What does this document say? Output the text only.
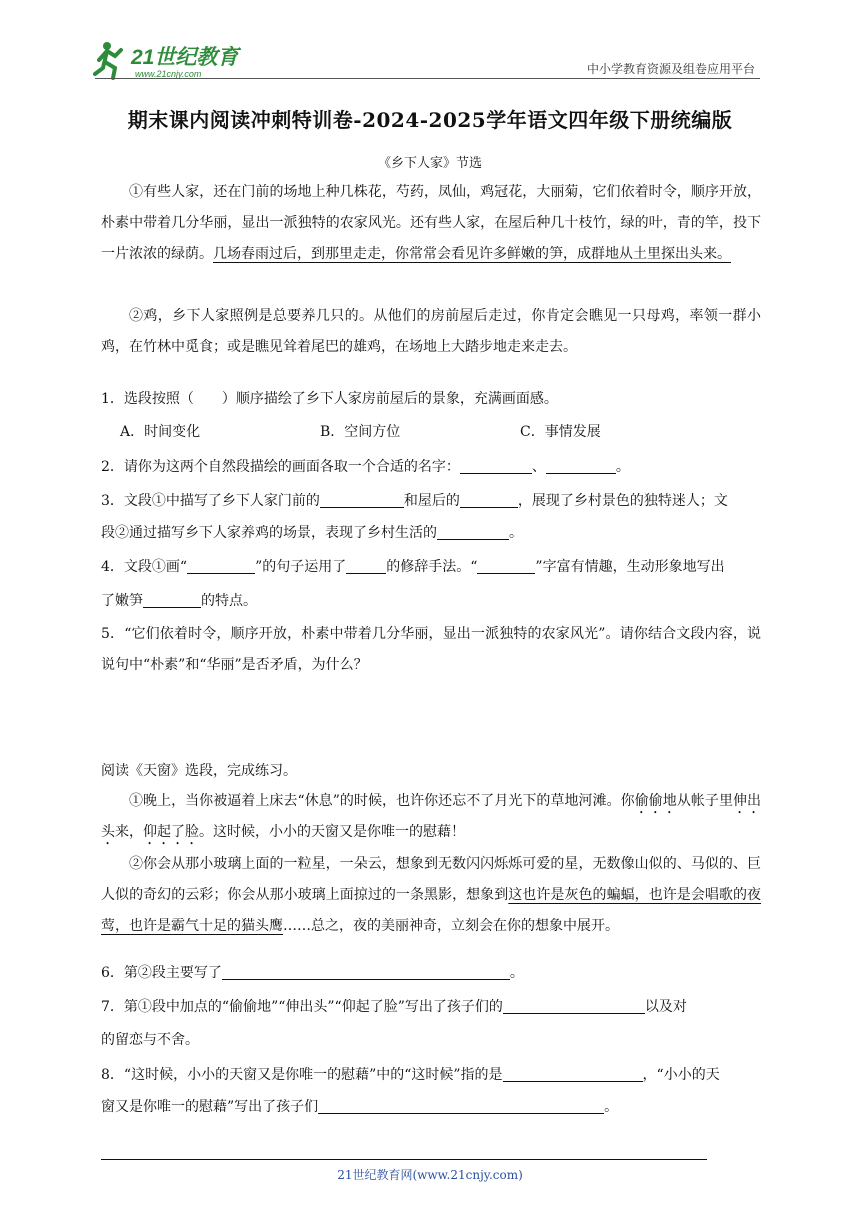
21世纪教育
www.21cnjy.com	中小学教育资源及组卷应用平台
期末课内阅读冲刺特训卷-2024-2025学年语文四年级下册统编版
《乡下人家》节选
①有些人家，还在门前的场地上种几株花，芍药，凤仙，鸡冠花，大丽菊，它们依着时令，顺序开放，朴素中带着几分华丽，显出一派独特的农家风光。还有些人家，在屋后种几十枝竹，绿的叶，青的竿，投下一片浓浓的绿荫。几场春雨过后，到那里走走，你常常会看见许多鲜嫩的笋，成群地从土里探出头来。
②鸡，乡下人家照例是总要养几只的。从他们的房前屋后走过，你肯定会瞧见一只母鸡，率领一群小鸡，在竹林中觅食；或是瞧见耸着尾巴的雄鸡，在场地上大踏步地走来走去。
1．选段按照（　　）顺序描绘了乡下人家房前屋后的景象，充满画面感。
A．时间变化	B．空间方位	C．事情发展
2．请你为这两个自然段描绘的画面各取一个合适的名字：	、	。
3．文段①中描写了乡下人家门前的	和屋后的	，展现了乡村景色的独特迷人；文
段②通过描写乡下人家养鸡的场景，表现了乡村生活的	。
4．文段①画“	”的句子运用了	的修辞手法。“	”字富有情趣，生动形象地写出
了嫩笋	的特点。
5．“它们依着时令，顺序开放，朴素中带着几分华丽，显出一派独特的农家风光”。请你结合文段内容，说说句中“朴素”和“华丽”是否矛盾，为什么？
阅读《天窗》选段，完成练习。
①晚上，当你被逼着上床去“休息”的时候，也许你还忘不了月光下的草地河滩。你偷偷地从帐子里伸出头来，仰起了脸。这时候，小小的天窗又是你唯一的慰藉！
②你会从那小玻璃上面的一粒星，一朵云，想象到无数闪闪烁烁可爱的星，无数像山似的、马似的、巨人似的奇幻的云彩；你会从那小玻璃上面掠过的一条黑影，想象到这也许是灰色的蝙蝠，也许是会唱歌的夜莺，也许是霸气十足的猫头鹰……总之，夜的美丽神奇，立刻会在你的想象中展开。
6．第②段主要写了	。
7．第①段中加点的“偷偷地”“伸出头”“仰起了脸”写出了孩子们的	以及对
的留恋与不舍。
8．“这时候，小小的天窗又是你唯一的慰藉”中的“这时候”指的是	，“小小的天
窗又是你唯一的慰藉”写出了孩子们	。
21世纪教育网(www.21cnjy.com)
